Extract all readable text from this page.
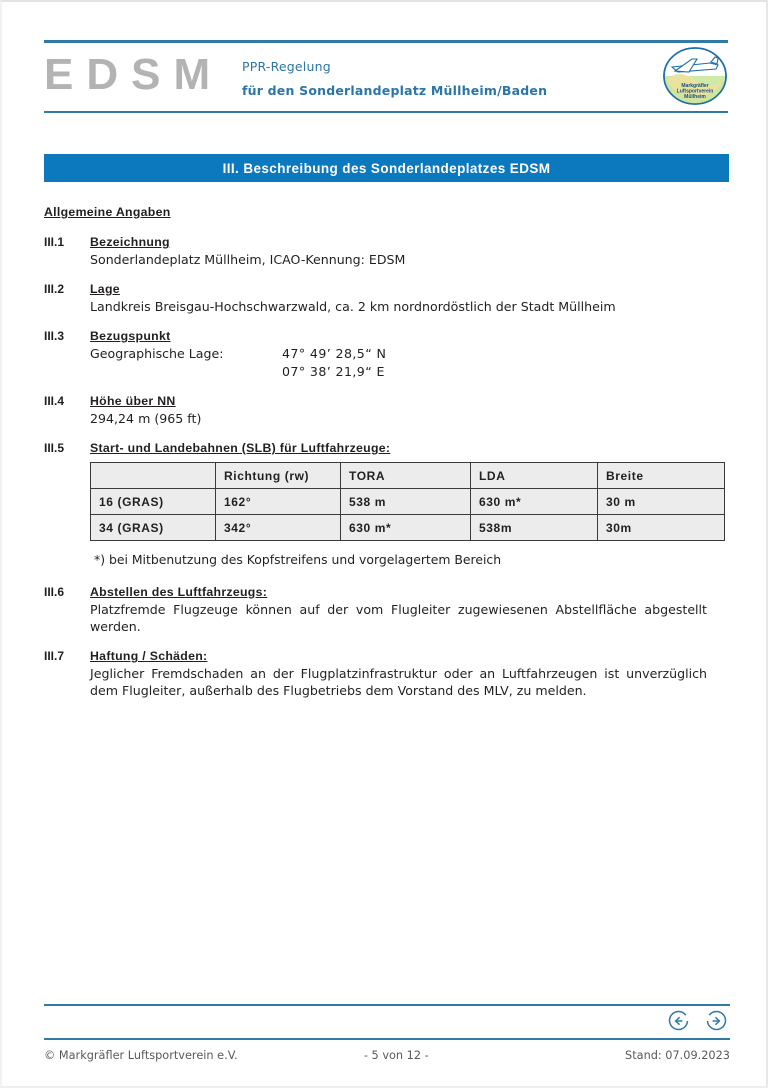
EDSM PPR-Regelung
für den Sonderlandeplatz Müllheim/Baden	Markgräfler
Luftsportverein
Müllheim
III. Beschreibung des Sonderlandeplatzes EDSM
Allgemeine Angaben
III.1 Bezeichnung
Sonderlandeplatz Müllheim, ICAO-Kennung: EDSM
III.2 Lage
Landkreis Breisgau-Hochschwarzwald, ca. 2 km nordnordöstlich der Stadt Müllheim
III.3 Bezugspunkt
Geographische Lage:	47° 49’ 28,5“ N
07° 38’ 21,9“ E
III.4 Höhe über NN
294,24 m (965 ft)
III.5 Start- und Landebahnen (SLB) für Luftfahrzeuge:
	Richtung (rw)	TORA	LDA	Breite
16 (GRAS)	162°	538 m	630 m*	30 m
34 (GRAS)	342°	630 m*	538m	30m
*) bei Mitbenutzung des Kopfstreifens und vorgelagertem Bereich
III.6 Abstellen des Luftfahrzeugs:
Platzfremde Flugzeuge können auf der vom Flugleiter zugewiesenen Abstellfläche abgestellt werden.
III.7 Haftung / Schäden:
Jeglicher Fremdschaden an der Flugplatzinfrastruktur oder an Luftfahrzeugen ist unverzüglich dem Flugleiter, außerhalb des Flugbetriebs dem Vorstand des MLV, zu melden.
© Markgräfler Luftsportverein e.V.	- 5 von 12 -	Stand: 07.09.2023
